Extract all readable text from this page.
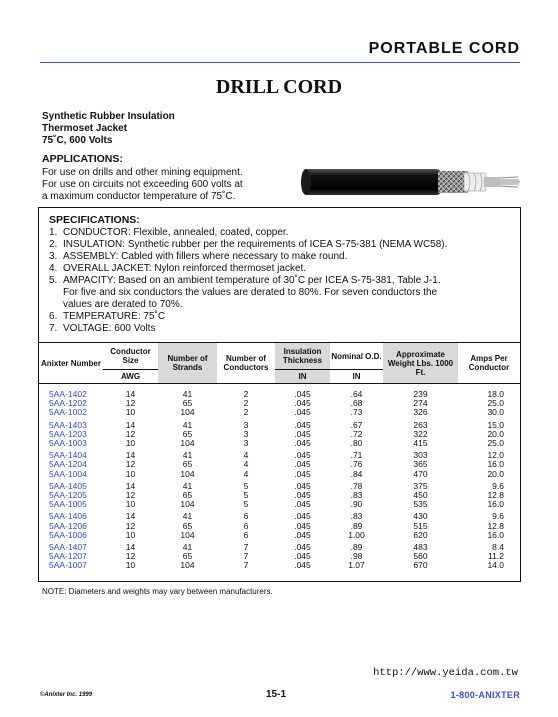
PORTABLE CORD
DRILL CORD
Synthetic Rubber Insulation
Thermoset Jacket
75˚C, 600 Volts
APPLICATIONS:
For use on drills and other mining equipment.
For use on circuits not exceeding 600 volts at
a maximum conductor temperature of 75˚C.
SPECIFICATIONS:
1. CONDUCTOR: Flexible, annealed, coated, copper.
2. INSULATION: Synthetic rubber per the requirements of ICEA S-75-381 (NEMA WC58).
3. ASSEMBLY: Cabled with fillers where necessary to make round.
4. OVERALL JACKET: Nylon reinforced thermoset jacket.
5. AMPACITY: Based on an ambient temperature of 30˚C per ICEA S-75-381, Table J-1.
For five and six conductors the values are derated to 80%. For seven conductors the
values are derated to 70%.
6. TEMPERATURE: 75˚C
7. VOLTAGE: 600 Volts
Anixter Number	Conductor Size	Number of Strands	Number of Conductors	Insulation Thickness	Nominal O.D.	Approximate Weight Lbs. 1000 Ft.	Amps Per Conductor
	AWG			IN	IN		
5AA-1402	14	41	2	.045	.64	239	18.0
5AA-1202	12	65	2	.045	.68	274	25.0
5AA-1002	10	104	2	.045	.73	326	30.0
5AA-1403	14	41	3	.045	.67	263	15.0
5AA-1203	12	65	3	.045	.72	322	20.0
5AA-1003	10	104	3	.045	.80	415	25.0
5AA-1404	14	41	4	.045	.71	303	12.0
5AA-1204	12	65	4	.045	.76	365	16.0
5AA-1004	10	104	4	.045	.84	470	20.0
5AA-1405	14	41	5	.045	.78	375	9.6
5AA-1205	12	65	5	.045	.83	450	12.8
5AA-1005	10	104	5	.045	.90	535	16.0
5AA-1406	14	41	6	.045	.83	430	9.6
5AA-1206	12	65	6	.045	.89	515	12.8
5AA-1006	10	104	6	.045	1.00	620	16.0
5AA-1407	14	41	7	.045	.89	483	8.4
5AA-1207	12	65	7	.045	.98	560	11.2
5AA-1007	10	104	7	.045	1.07	670	14.0
NOTE: Diameters and weights may vary between manufacturers.
http://www.yeida.com.tw
©Anixter Inc. 1999	15-1	1-800-ANIXTER
